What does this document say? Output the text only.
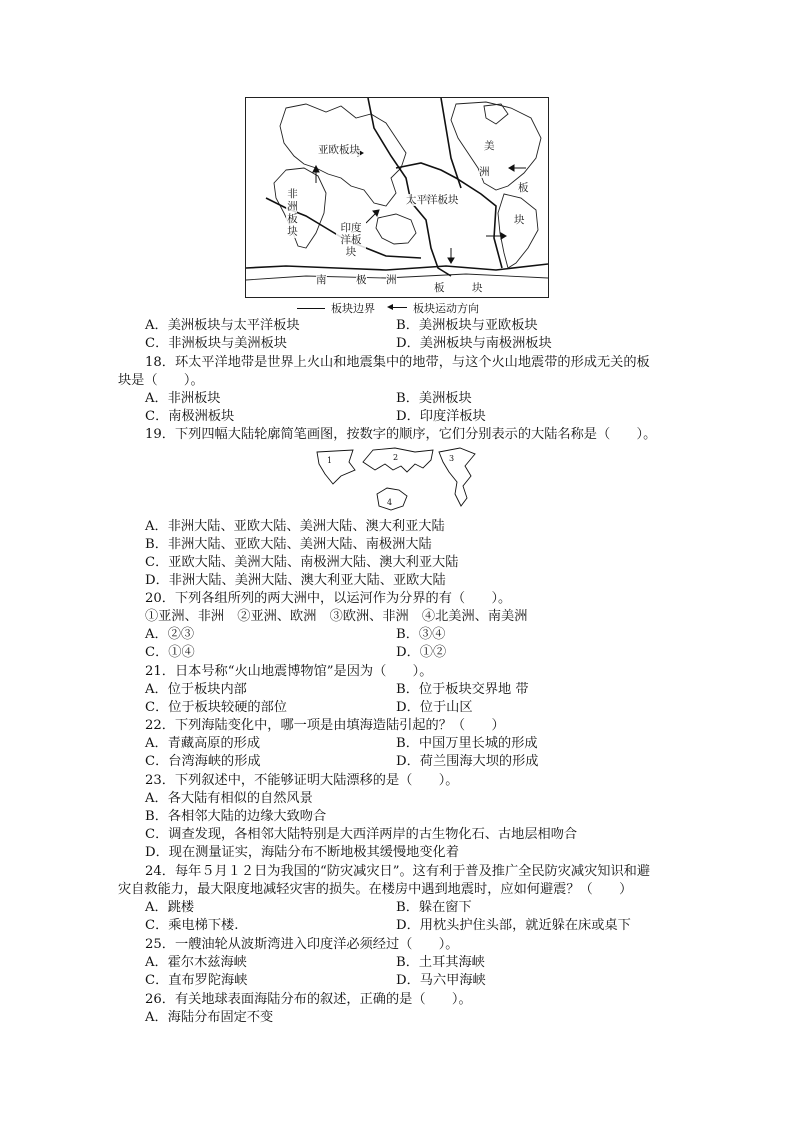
亚欧板块
非洲板块	太平洋板块
印度洋板块
美
洲
板
块
南	极 洲
板	块
板块边界	板块运动方向
A．美洲板块与太平洋板块	B．美洲板块与亚欧板块
C．非洲板块与美洲板块	D．美洲板块与南极洲板块
18．环太平洋地带是世界上火山和地震集中的地带，与这个火山地震带的形成无关的板
块是（　　）。
A．非洲板块	B．美洲板块
C．南极洲板块	D．印度洋板块
19．下列四幅大陆轮廓简笔画图，按数字的顺序，它们分别表示的大陆名称是（　　）。
1	2	3
4
A．非洲大陆、亚欧大陆、美洲大陆、澳大利亚大陆
B．非洲大陆、亚欧大陆、美洲大陆、南极洲大陆
C．亚欧大陆、美洲大陆、南极洲大陆、澳大利亚大陆
D．非洲大陆、美洲大陆、澳大利亚大陆、亚欧大陆
20．下列各组所列的两大洲中，以运河作为分界的有（　　）。
①亚洲、非洲　②亚洲、欧洲　③欧洲、非洲　④北美洲、南美洲
A．②③	B．③④
C．①④	D．①②
21．日本号称“火山地震博物馆”是因为（　　）。
A．位于板块内部	B．位于板块交界地 带
C．位于板块较硬的部位	D．位于山区
22．下列海陆变化中，哪一项是由填海造陆引起的？（　　）
A．青藏高原的形成	B．中国万里长城的形成
C．台湾海峡的形成	D．荷兰围海大坝的形成
23．下列叙述中，不能够证明大陆漂移的是（　　）。
A．各大陆有相似的自然风景
B．各相邻大陆的边缘大致吻合
C．调查发现，各相邻大陆特别是大西洋两岸的古生物化石、古地层相吻合
D．现在测量证实，海陆分布不断地极其缓慢地变化着
24．每年５月１２日为我国的“防灾减灾日”。这有利于普及推广全民防灾减灾知识和避
灾自救能力，最大限度地减轻灾害的损失。在楼房中遇到地震时，应如何避震？（　　）
A．跳楼	B．躲在窗下
C．乘电梯下楼.	D．用枕头护住头部，就近躲在床或桌下
25．一艘油轮从波斯湾进入印度洋必须经过（　　）。
A．霍尔木兹海峡	B．土耳其海峡
C．直布罗陀海峡	D．马六甲海峡
26．有关地球表面海陆分布的叙述，正确的是（　　）。
A．海陆分布固定不变
